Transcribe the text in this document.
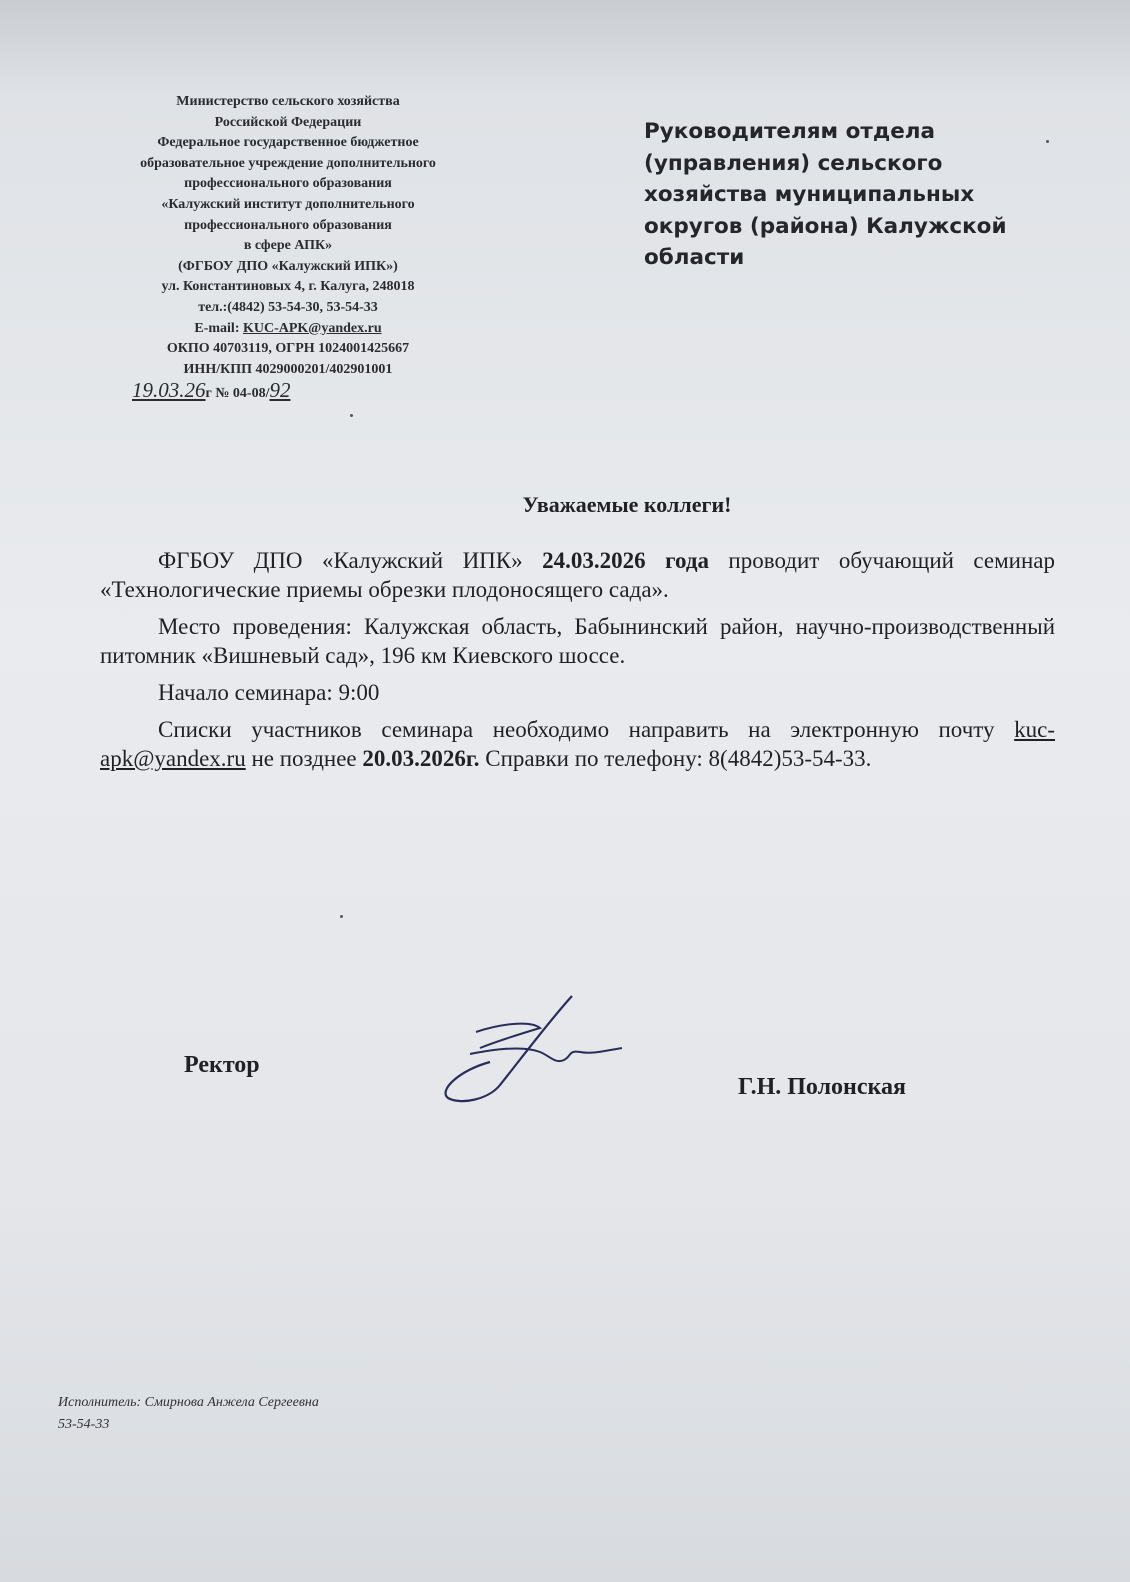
Министерство сельского хозяйства
Российской Федерации
Федеральное государственное бюджетное
образовательное учреждение дополнительного
профессионального образования
«Калужский институт дополнительного
профессионального образования
в сфере АПК»
(ФГБОУ ДПО «Калужский ИПК»)
ул. Константиновых 4, г. Калуга, 248018
тел.:(4842) 53-54-30, 53-54-33
E-mail: KUC-APK@yandex.ru
ОКПО 40703119, ОГРН 1024001425667
ИНН/КПП 4029000201/402901001
19.03.26г № 04-08/92
Руководителям отдела (управления) сельского хозяйства муниципальных округов (района) Калужской области
Уважаемые коллеги!

ФГБОУ ДПО «Калужский ИПК» 24.03.2026 года проводит обучающий семинар «Технологические приемы обрезки плодоносящего сада».

Место проведения: Калужская область, Бабынинский район, научно-производственный питомник «Вишневый сад», 196 км Киевского шоссе.

Начало семинара: 9:00

Списки участников семинара необходимо направить на электронную почту kuc-apk@yandex.ru не позднее 20.03.2026г. Справки по телефону: 8(4842)53-54-33.

Ректор
Г.Н. Полонская
Исполнитель: Смирнова Анжела Сергеевна
53-54-33
